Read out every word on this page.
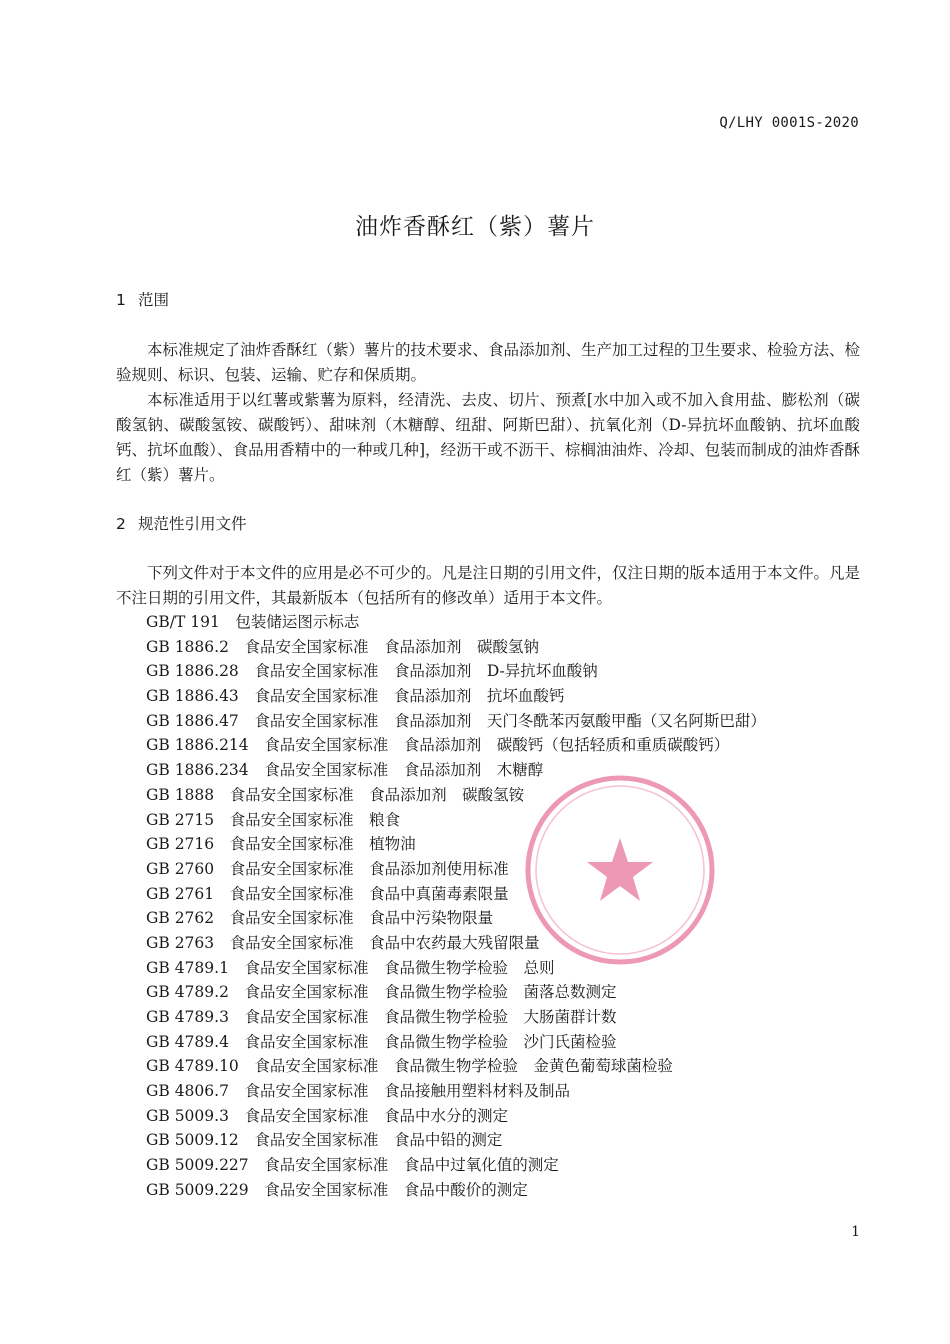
Q/LHY 0001S-2020
油炸香酥红（紫）薯片
1 范围

本标准规定了油炸香酥红（紫）薯片的技术要求、食品添加剂、生产加工过程的卫生要求、检验方法、检验规则、标识、包装、运输、贮存和保质期。

本标准适用于以红薯或紫薯为原料，经清洗、去皮、切片、预煮[水中加入或不加入食用盐、膨松剂（碳酸氢钠、碳酸氢铵、碳酸钙）、甜味剂（木糖醇、纽甜、阿斯巴甜）、抗氧化剂（D-异抗坏血酸钠、抗坏血酸钙、抗坏血酸）、食品用香精中的一种或几种]，经沥干或不沥干、棕榈油油炸、冷却、包装而制成的油炸香酥红（紫）薯片。

2 规范性引用文件

下列文件对于本文件的应用是必不可少的。凡是注日期的引用文件，仅注日期的版本适用于本文件。凡是不注日期的引用文件，其最新版本（包括所有的修改单）适用于本文件。

GB/T 191　 包装储运图示标志
GB 1886.2　 食品安全国家标准　食品添加剂　碳酸氢钠
GB 1886.28　 食品安全国家标准　食品添加剂　D-异抗坏血酸钠
GB 1886.43　 食品安全国家标准　食品添加剂　抗坏血酸钙
GB 1886.47　 食品安全国家标准　食品添加剂　天门冬酰苯丙氨酸甲酯（又名阿斯巴甜）
GB 1886.214　 食品安全国家标准　食品添加剂　碳酸钙（包括轻质和重质碳酸钙）
GB 1886.234　 食品安全国家标准　食品添加剂　木糖醇
GB 1888　 食品安全国家标准　食品添加剂　碳酸氢铵
GB 2715　 食品安全国家标准　粮食
GB 2716　 食品安全国家标准　植物油
GB 2760　 食品安全国家标准　食品添加剂使用标准
GB 2761　 食品安全国家标准　食品中真菌毒素限量
GB 2762　 食品安全国家标准　食品中污染物限量
GB 2763　 食品安全国家标准　食品中农药最大残留限量
GB 4789.1　 食品安全国家标准　食品微生物学检验　总则
GB 4789.2　 食品安全国家标准　食品微生物学检验　菌落总数测定
GB 4789.3　 食品安全国家标准　食品微生物学检验　大肠菌群计数
GB 4789.4　 食品安全国家标准　食品微生物学检验　沙门氏菌检验
GB 4789.10　 食品安全国家标准　食品微生物学检验　金黄色葡萄球菌检验
GB 4806.7　 食品安全国家标准　食品接触用塑料材料及制品
GB 5009.3　 食品安全国家标准　食品中水分的测定
GB 5009.12　 食品安全国家标准　食品中铅的测定
GB 5009.227　 食品安全国家标准　食品中过氧化值的测定
GB 5009.229　 食品安全国家标准　食品中酸价的测定
1
